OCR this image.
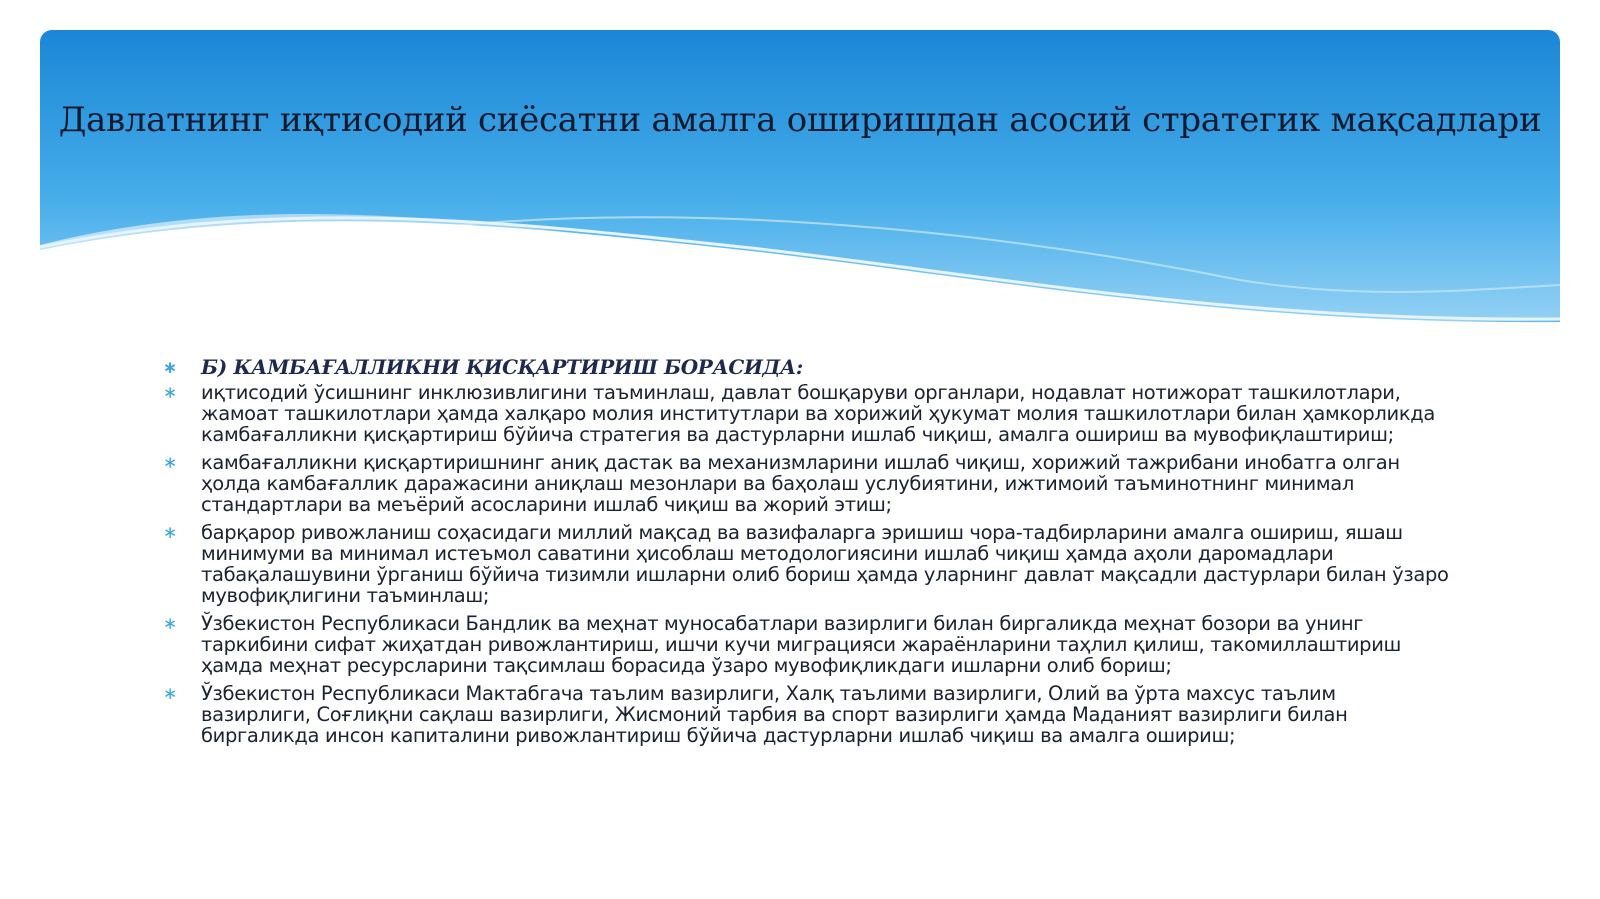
Давлатнинг иқтисодий сиёсатни амалга оширишдан асосий стратегик мақсадлари
∗ Б) КАМБАҒАЛЛИКНИ ҚИСҚАРТИРИШ БОРАСИДА:
∗ иқтисодий ўсишнинг инклюзивлигини таъминлаш, давлат бошқаруви органлари, нодавлат нотижорат ташкилотлари, жамоат ташкилотлари ҳамда халқаро молия институтлари ва хорижий ҳукумат молия ташкилотлари билан ҳамкорликда камбағалликни қисқартириш бўйича стратегия ва дастурларни ишлаб чиқиш, амалга ошириш ва мувофиқлаштириш;
∗ камбағалликни қисқартиришнинг аниқ дастак ва механизмларини ишлаб чиқиш, хорижий тажрибани инобатга олган ҳолда камбағаллик даражасини аниқлаш мезонлари ва баҳолаш услубиятини, ижтимоий таъминотнинг минимал стандартлари ва меъёрий асосларини ишлаб чиқиш ва жорий этиш;
∗ барқарор ривожланиш соҳасидаги миллий мақсад ва вазифаларга эришиш чора-тадбирларини амалга ошириш, яшаш минимуми ва минимал истеъмол саватини ҳисоблаш методологиясини ишлаб чиқиш ҳамда аҳоли даромадлари табақалашувини ўрганиш бўйича тизимли ишларни олиб бориш ҳамда уларнинг давлат мақсадли дастурлари билан ўзаро мувофиқлигини таъминлаш;
∗ Ўзбекистон Республикаси Бандлик ва меҳнат муносабатлари вазирлиги билан биргаликда меҳнат бозори ва унинг таркибини сифат жиҳатдан ривожлантириш, ишчи кучи миграцияси жараёнларини таҳлил қилиш, такомиллаштириш ҳамда меҳнат ресурсларини тақсимлаш борасида ўзаро мувофиқликдаги ишларни олиб бориш;
∗ Ўзбекистон Республикаси Мактабгача таълим вазирлиги, Халқ таълими вазирлиги, Олий ва ўрта махсус таълим вазирлиги, Соғлиқни сақлаш вазирлиги, Жисмоний тарбия ва спорт вазирлиги ҳамда Маданият вазирлиги билан биргаликда инсон капиталини ривожлантириш бўйича дастурларни ишлаб чиқиш ва амалга ошириш;
